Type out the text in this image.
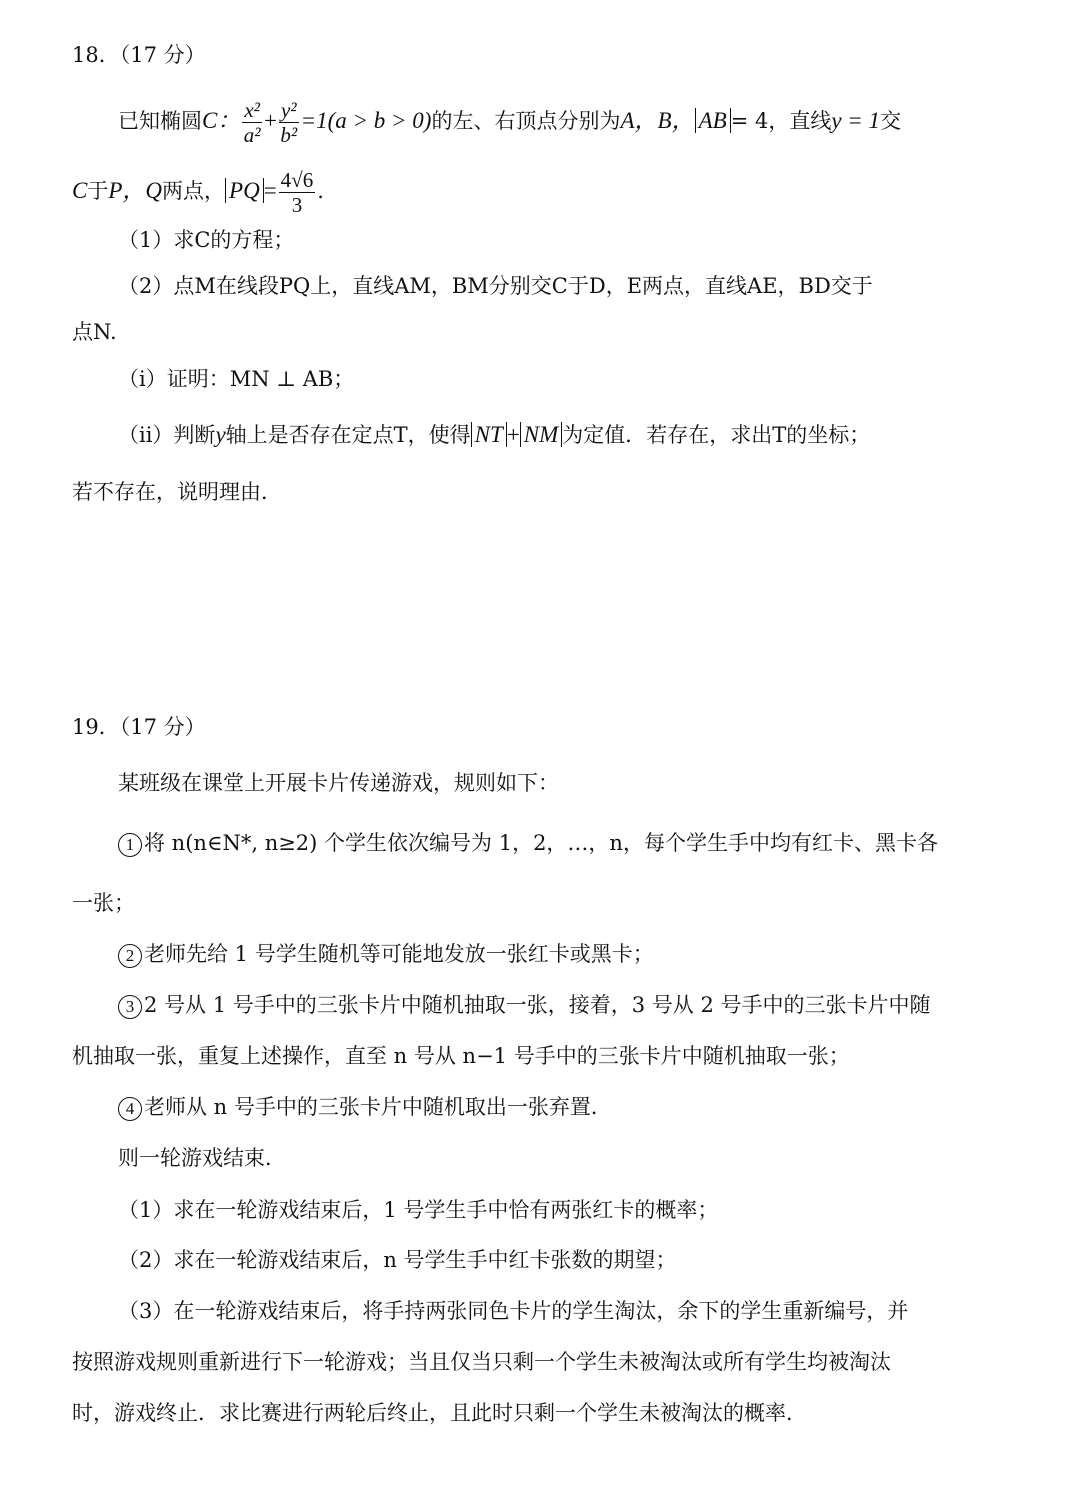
18．（17 分）
已知椭圆C： $\frac{\text{x²}}{\text{a²}} + \frac{\text{y²}}{\text{b²}} =1(a > b > 0)$的左、右顶点分别为A，B， AB = 4，直线y = 1交
C于P，Q两点， PQ = $\frac{4√6}{3}$ .
（1）求C的方程；
（2）点M在线段PQ上，直线AM，BM分别交C于D，E两点，直线AE，BD交于
点N.
（i）证明：MN ⊥ AB；
（ii）判断y轴上是否存在定点T，使得 NT + NM 为定值．若存在，求出T的坐标；
若不存在，说明理由．
19．（17 分）
某班级在课堂上开展卡片传递游戏，规则如下：
1 将 n(n∈N*, n≥2) 个学生依次编号为 1，2，…，n，每个学生手中均有红卡、黑卡各
一张；
2 老师先给 1 号学生随机等可能地发放一张红卡或黑卡；
3 2 号从 1 号手中的三张卡片中随机抽取一张，接着，3 号从 2 号手中的三张卡片中随
机抽取一张，重复上述操作，直至 n 号从 n−1 号手中的三张卡片中随机抽取一张；
4 老师从 n 号手中的三张卡片中随机取出一张弃置．
则一轮游戏结束．
（1）求在一轮游戏结束后，1 号学生手中恰有两张红卡的概率；
（2）求在一轮游戏结束后，n 号学生手中红卡张数的期望；
（3）在一轮游戏结束后，将手持两张同色卡片的学生淘汰，余下的学生重新编号，并
按照游戏规则重新进行下一轮游戏；当且仅当只剩一个学生未被淘汰或所有学生均被淘汰
时，游戏终止．求比赛进行两轮后终止，且此时只剩一个学生未被淘汰的概率．
